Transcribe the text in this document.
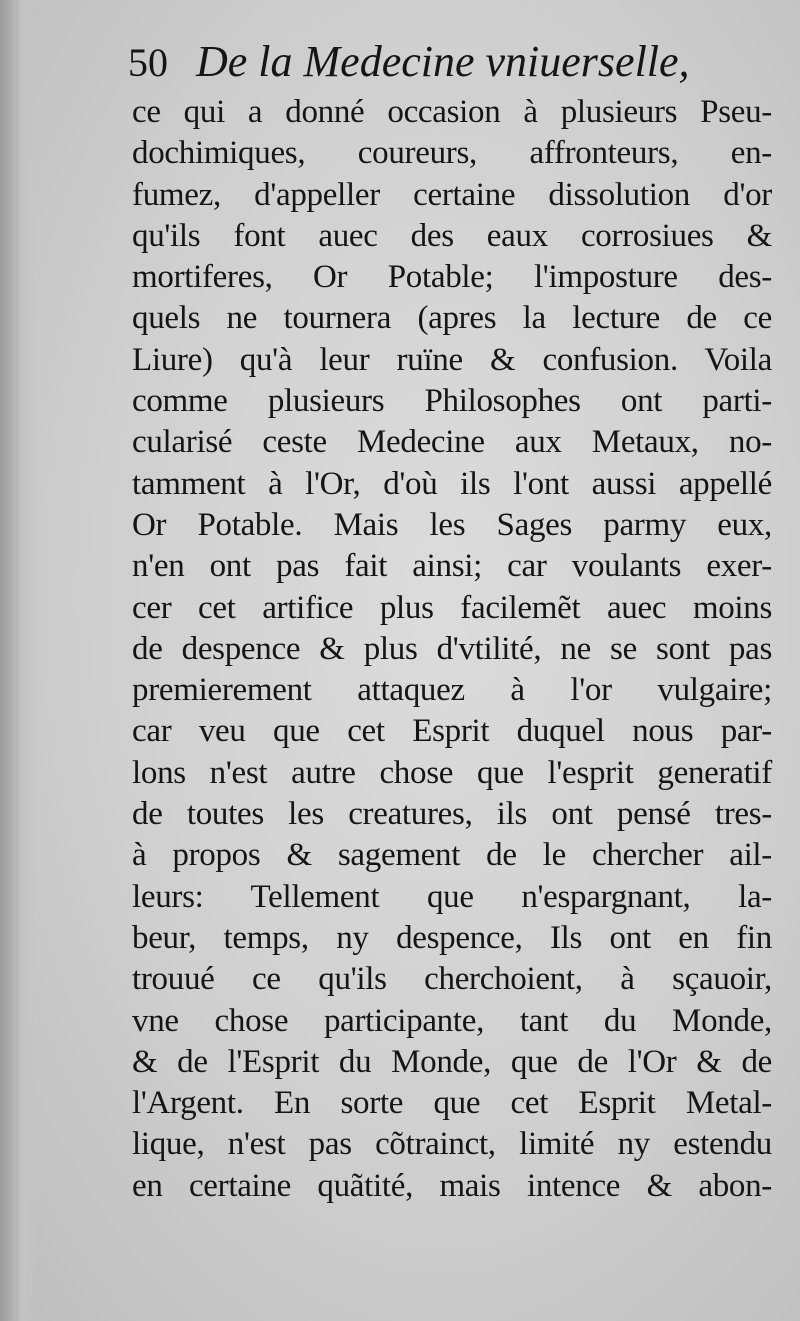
50 De la Medecine vniuerselle,
ce qui a donné occasion à plusieurs Pseu-
dochimiques, coureurs, affronteurs, en-
fumez, d'appeller certaine dissolution d'or
qu'ils font auec des eaux corrosiues &
mortiferes, Or Potable; l'imposture des-
quels ne tournera (apres la lecture de ce
Liure) qu'à leur ruïne & confusion. Voila
comme plusieurs Philosophes ont parti-
cularisé ceste Medecine aux Metaux, no-
tamment à l'Or, d'où ils l'ont aussi appellé
Or Potable. Mais les Sages parmy eux,
n'en ont pas fait ainsi; car voulants exer-
cer cet artifice plus facilemẽt auec moins
de despence & plus d'vtilité, ne se sont pas
premierement attaquez à l'or vulgaire;
car veu que cet Esprit duquel nous par-
lons n'est autre chose que l'esprit generatif
de toutes les creatures, ils ont pensé tres-
à propos & sagement de le chercher ail-
leurs: Tellement que n'espargnant, la-
beur, temps, ny despence, Ils ont en fin
trouué ce qu'ils cherchoient, à sçauoir,
vne chose participante, tant du Monde,
& de l'Esprit du Monde, que de l'Or & de
l'Argent. En sorte que cet Esprit Metal-
lique, n'est pas cõtrainct, limité ny estendu
en certaine quãtité, mais intence & abon-
